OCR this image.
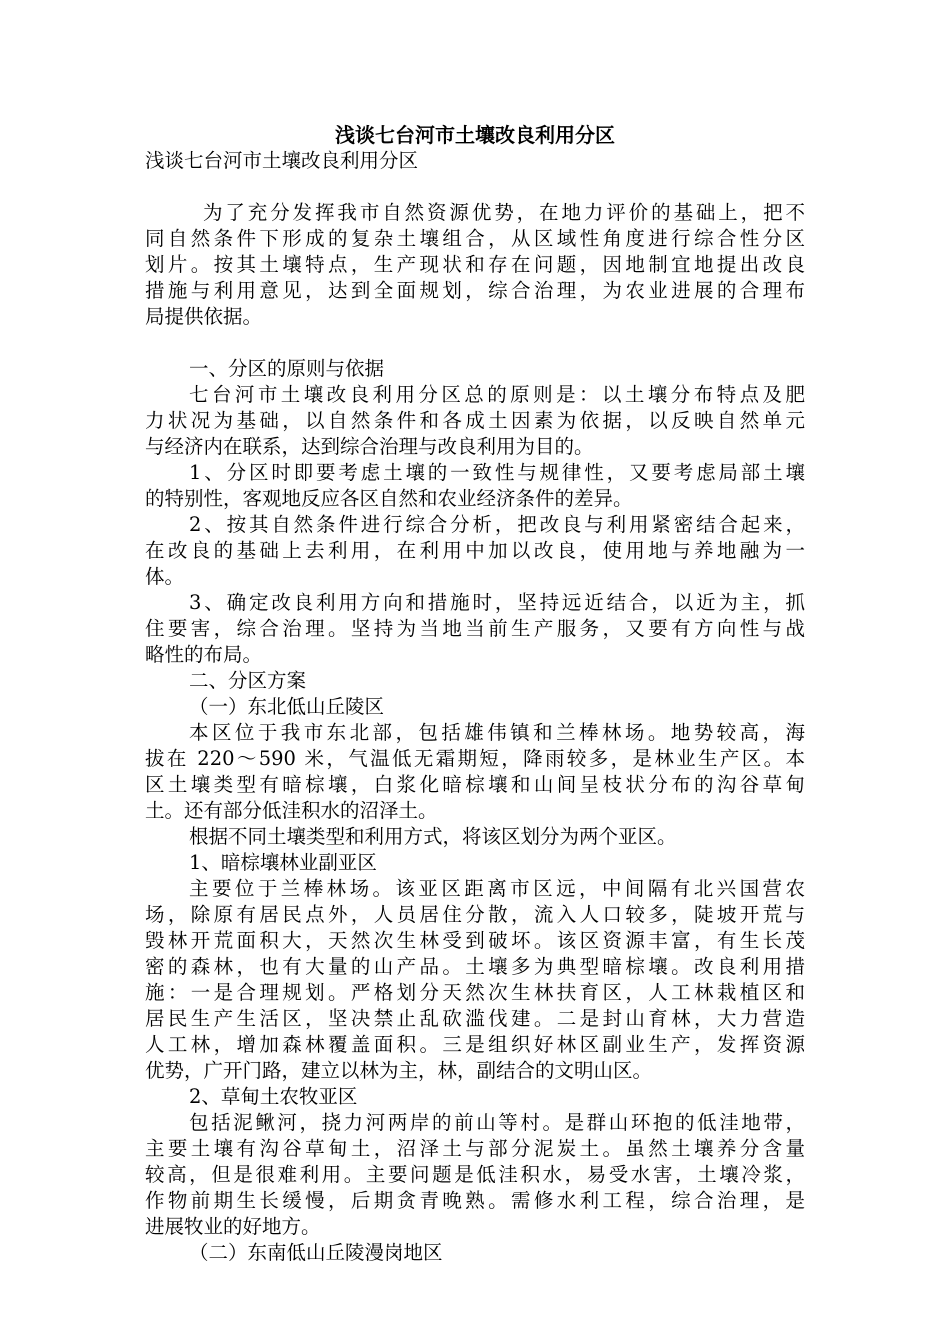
浅谈七台河市土壤改良利用分区

浅谈七台河市土壤改良利用分区

为了充分发挥我市自然资源优势，在地力评价的基础上，把不

同自然条件下形成的复杂土壤组合，从区域性角度进行综合性分区

划片。按其土壤特点，生产现状和存在问题，因地制宜地提出改良

措施与利用意见，达到全面规划，综合治理，为农业进展的合理布

局提供依据。

一、分区的原则与依据

七台河市土壤改良利用分区总的原则是：以土壤分布特点及肥

力状况为基础，以自然条件和各成土因素为依据，以反映自然单元

与经济内在联系，达到综合治理与改良利用为目的。

1、分区时即要考虑土壤的一致性与规律性，又要考虑局部土壤

的特别性，客观地反应各区自然和农业经济条件的差异。

2、按其自然条件进行综合分析，把改良与利用紧密结合起来，

在改良的基础上去利用，在利用中加以改良，使用地与养地融为一

体。

3、确定改良利用方向和措施时，坚持远近结合，以近为主，抓

住要害，综合治理。坚持为当地当前生产服务，又要有方向性与战

略性的布局。

二、分区方案

（一）东北低山丘陵区

本区位于我市东北部，包括雄伟镇和兰棒林场。地势较高，海

拔在 220～590 米，气温低无霜期短，降雨较多，是林业生产区。本

区土壤类型有暗棕壤，白浆化暗棕壤和山间呈枝状分布的沟谷草甸

土。还有部分低洼积水的沼泽土。

根据不同土壤类型和利用方式，将该区划分为两个亚区。

1、暗棕壤林业副亚区

主要位于兰棒林场。该亚区距离市区远，中间隔有北兴国营农

场，除原有居民点外，人员居住分散，流入人口较多，陡坡开荒与

毁林开荒面积大，天然次生林受到破坏。该区资源丰富，有生长茂

密的森林，也有大量的山产品。土壤多为典型暗棕壤。改良利用措

施：一是合理规划。严格划分天然次生林扶育区，人工林栽植区和

居民生产生活区，坚决禁止乱砍滥伐建。二是封山育林，大力营造

人工林，增加森林覆盖面积。三是组织好林区副业生产，发挥资源

优势，广开门路，建立以林为主，林，副结合的文明山区。

2、草甸土农牧亚区

包括泥鳅河，挠力河两岸的前山等村。是群山环抱的低洼地带，

主要土壤有沟谷草甸土，沼泽土与部分泥炭土。虽然土壤养分含量

较高，但是很难利用。主要问题是低洼积水，易受水害，土壤冷浆，

作物前期生长缓慢，后期贪青晚熟。需修水利工程，综合治理，是

进展牧业的好地方。

（二）东南低山丘陵漫岗地区
